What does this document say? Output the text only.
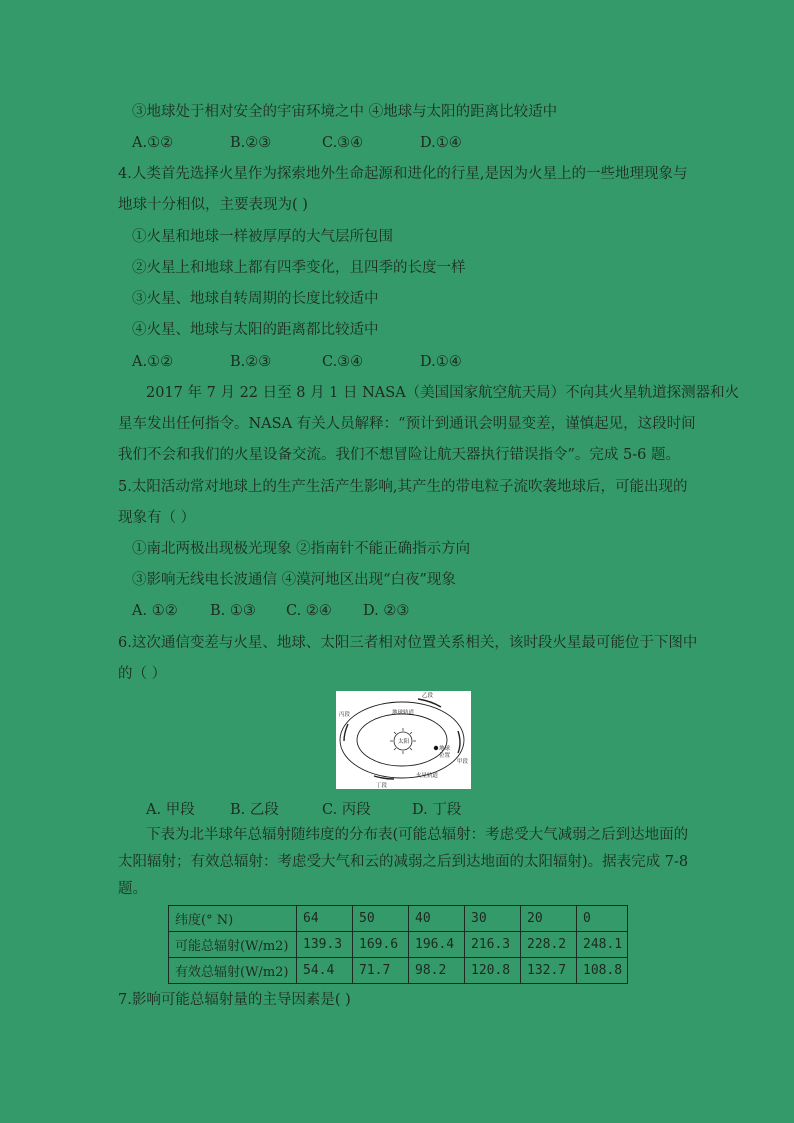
③地球处于相对安全的宇宙环境之中 ④地球与太阳的距离比较适中
A.①②	B.②③	C.③④	D.①④
4.人类首先选择火星作为探索地外生命起源和进化的行星,是因为火星上的一些地理现象与
地球十分相似，主要表现为( )
①火星和地球一样被厚厚的大气层所包围
②火星上和地球上都有四季变化，且四季的长度一样
③火星、地球自转周期的长度比较适中
④火星、地球与太阳的距离都比较适中
A.①②	B.②③	C.③④	D.①④
2017 年 7 月 22 日至 8 月 1 日 NASA（美国国家航空航天局）不向其火星轨道探测器和火
星车发出任何指令。NASA 有关人员解释：“预计到通讯会明显变差，谨慎起见，这段时间
我们不会和我们的火星设备交流。我们不想冒险让航天器执行错误指令”。完成 5-6 题。
5.太阳活动常对地球上的生产生活产生影响,其产生的带电粒子流吹袭地球后，可能出现的
现象有（ ）
①南北两极出现极光现象 ②指南针不能正确指示方向
③影响无线电长波通信 ④漠河地区出现“白夜”现象
A. ①② B. ①③ C. ②④ D. ②③
6.这次通信变差与火星、地球、太阳三者相对位置关系相关，该时段火星最可能位于下图中
的（ ）
乙段
丙段	地球轨道
太阳
地球
位置
甲段
火星轨道
丁段
A. 甲段 B. 乙段	C. 丙段	D. 丁段
下表为北半球年总辐射随纬度的分布表(可能总辐射：考虑受大气减弱之后到达地面的
太阳辐射；有效总辐射：考虑受大气和云的减弱之后到达地面的太阳辐射)。据表完成 7-8
题。
纬度(° N)	64	50	40	30	20	0
可能总辐射(W/m2)	139.3	169.6	196.4	216.3	228.2	248.1
有效总辐射(W/m2)	54.4	71.7	98.2	120.8	132.7	108.8
7.影响可能总辐射量的主导因素是( )
